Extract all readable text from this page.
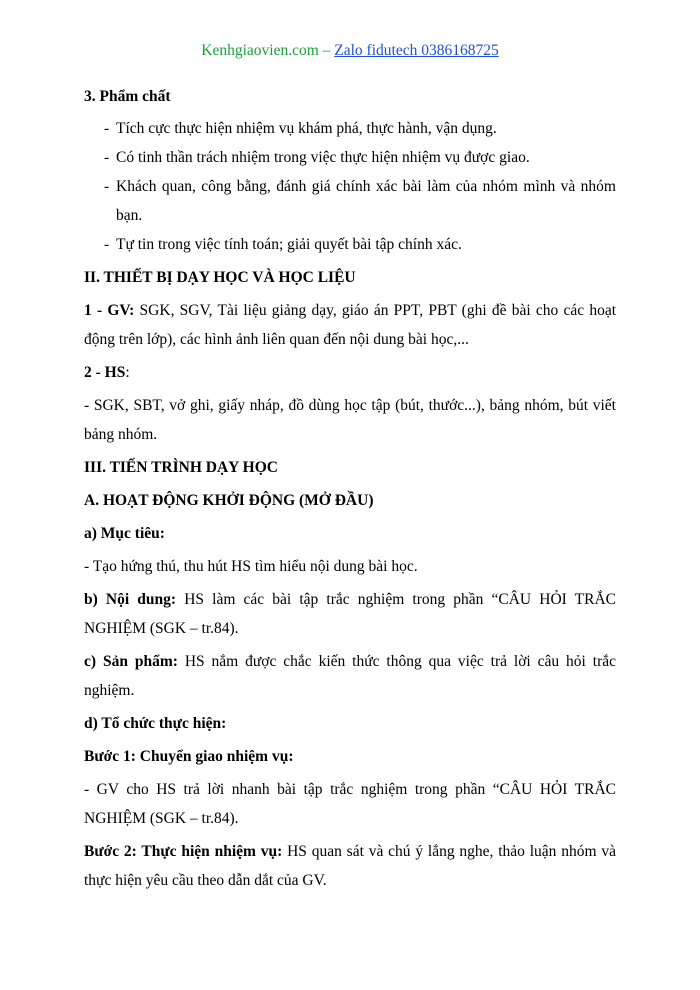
Kenhgiaovien.com – Zalo fidutech 0386168725

3. Phẩm chất

- Tích cực thực hiện nhiệm vụ khám phá, thực hành, vận dụng.
- Có tinh thần trách nhiệm trong việc thực hiện nhiệm vụ được giao.
- Khách quan, công bằng, đánh giá chính xác bài làm của nhóm mình và nhóm bạn.
- Tự tin trong việc tính toán; giải quyết bài tập chính xác.

II. THIẾT BỊ DẠY HỌC VÀ HỌC LIỆU

1 - GV: SGK, SGV, Tài liệu giảng dạy, giáo án PPT, PBT (ghi đề bài cho các hoạt động trên lớp), các hình ảnh liên quan đến nội dung bài học,...

2 - HS:

- SGK, SBT, vở ghi, giấy nháp, đồ dùng học tập (bút, thước...), bảng nhóm, bút viết bảng nhóm.

III. TIẾN TRÌNH DẠY HỌC

A. HOẠT ĐỘNG KHỞI ĐỘNG (MỞ ĐẦU)

a) Mục tiêu:

- Tạo hứng thú, thu hút HS tìm hiểu nội dung bài học.

b) Nội dung: HS làm các bài tập trắc nghiệm trong phần “CÂU HỎI TRẮC NGHIỆM (SGK – tr.84).

c) Sản phẩm: HS nắm được chắc kiến thức thông qua việc trả lời câu hỏi trắc nghiệm.

d) Tổ chức thực hiện:

Bước 1: Chuyển giao nhiệm vụ:

- GV cho HS trả lời nhanh bài tập trắc nghiệm trong phần “CÂU HỎI TRẮC NGHIỆM (SGK – tr.84).

Bước 2: Thực hiện nhiệm vụ: HS quan sát và chú ý lắng nghe, thảo luận nhóm và thực hiện yêu cầu theo dẫn dắt của GV.
